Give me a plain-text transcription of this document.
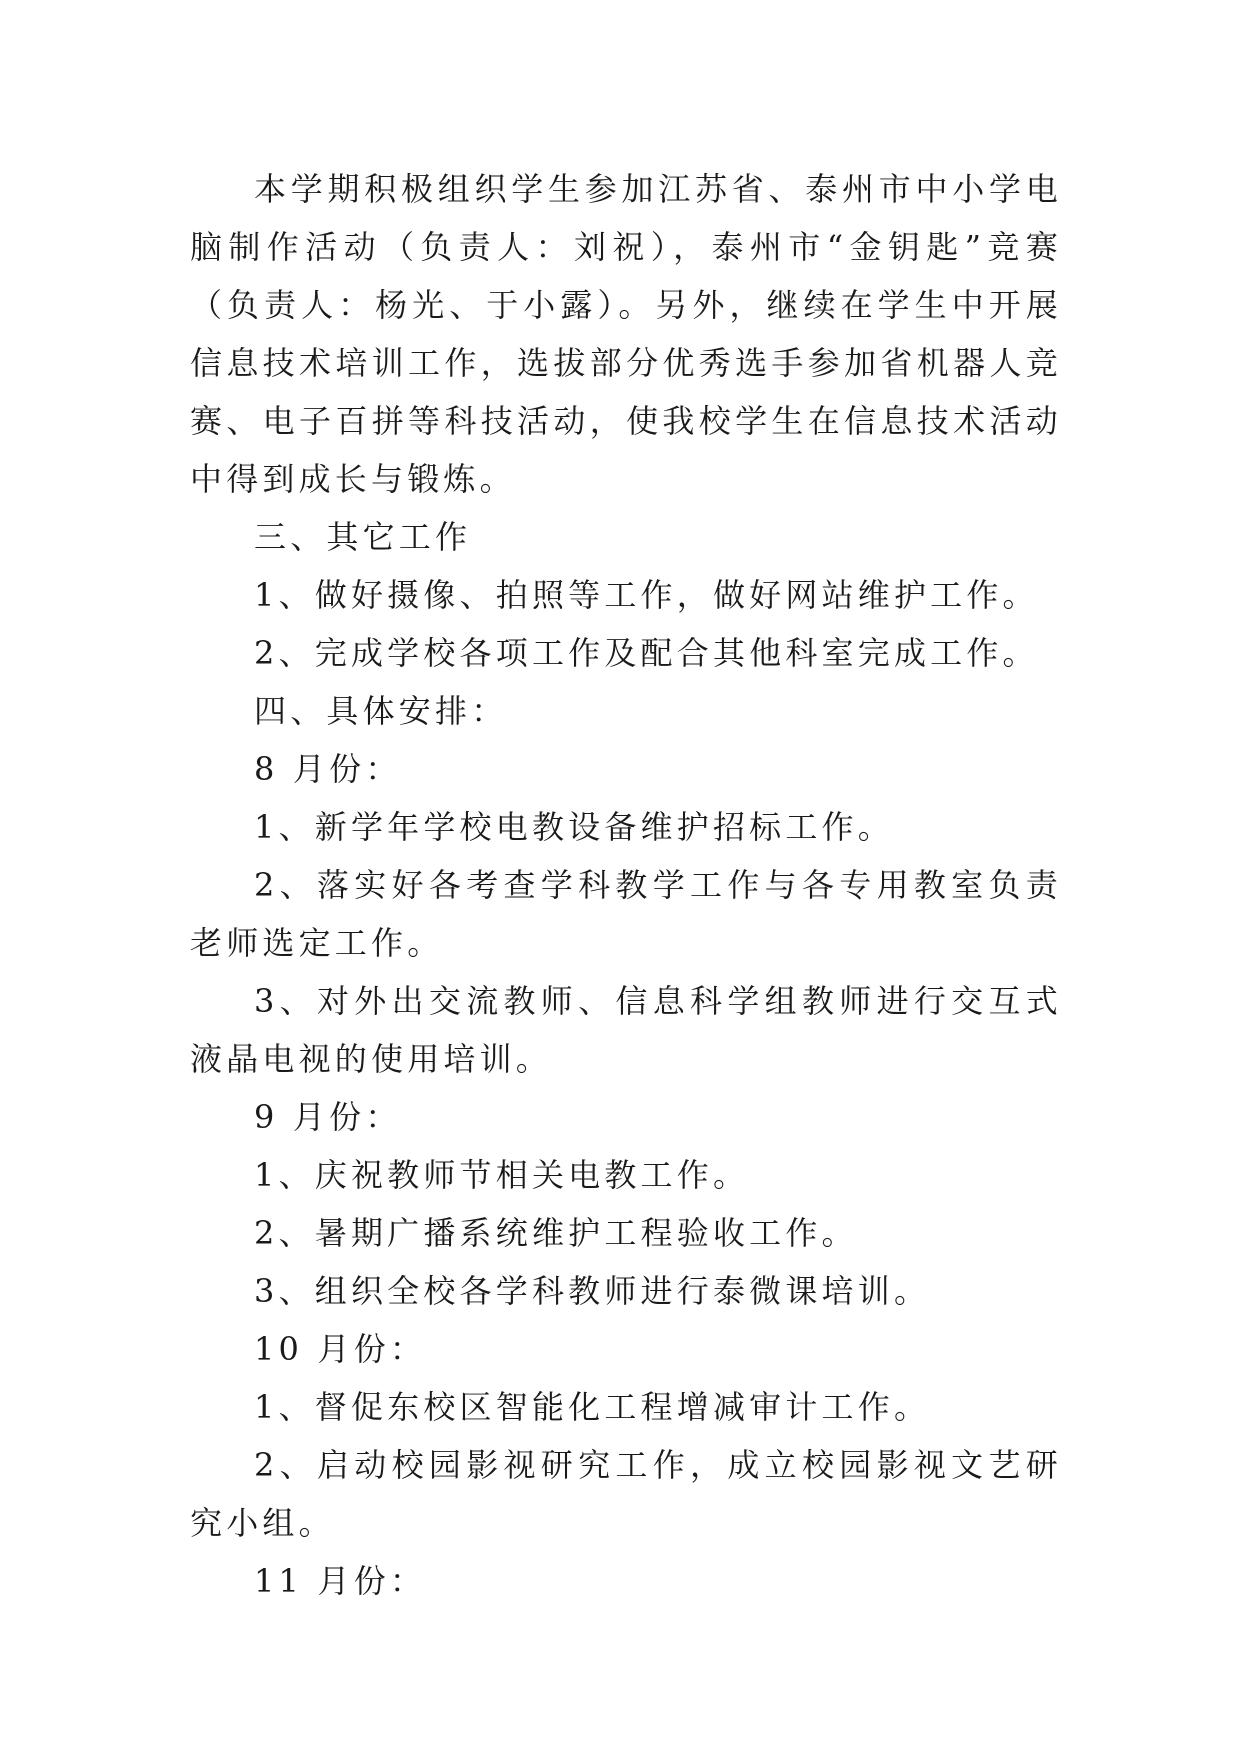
本学期积极组织学生参加江苏省、泰州市中小学电脑制作活动（负责人：刘祝），泰州市“金钥匙”竞赛（负责人：杨光、于小露）。另外，继续在学生中开展信息技术培训工作，选拔部分优秀选手参加省机器人竞赛、电子百拼等科技活动，使我校学生在信息技术活动中得到成长与锻炼。

三、其它工作

1、做好摄像、拍照等工作，做好网站维护工作。

2、完成学校各项工作及配合其他科室完成工作。

四、具体安排：

8 月份：

1、新学年学校电教设备维护招标工作。

2、落实好各考查学科教学工作与各专用教室负责老师选定工作。

3、对外出交流教师、信息科学组教师进行交互式液晶电视的使用培训。

9 月份：

1、庆祝教师节相关电教工作。

2、暑期广播系统维护工程验收工作。

3、组织全校各学科教师进行泰微课培训。

10 月份：

1、督促东校区智能化工程增减审计工作。

2、启动校园影视研究工作，成立校园影视文艺研究小组。

11 月份：
